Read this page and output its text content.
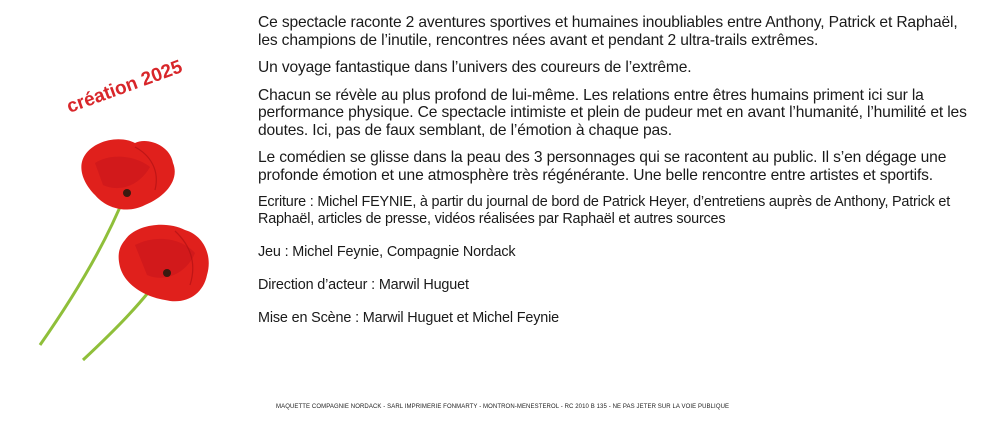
création 2025

Ce spectacle raconte 2 aventures sportives et humaines inoubliables entre Anthony, Patrick et Raphaël, les champions de l’inutile, rencontres nées avant et pendant 2 ultra-trails extrêmes.

Un voyage fantastique dans l’univers des coureurs de l’extrême.

Chacun se révèle au plus profond de lui-même. Les relations entre êtres humains priment ici sur la performance physique. Ce spectacle intimiste et plein de pudeur met en avant l’humanité, l’humilité et les doutes. Ici, pas de faux semblant, de l’émotion à chaque pas.

Le comédien se glisse dans la peau des 3 personnages qui se racontent au public. Il s’en dégage une profonde émotion et une atmosphère très régénérante. Une belle rencontre entre artistes et sportifs.

Ecriture : Michel FEYNIE, à partir du journal de bord de Patrick Heyer, d’entretiens auprès de Anthony, Patrick et Raphaël, articles de presse, vidéos réalisées par Raphaël et autres sources

Jeu : Michel Feynie, Compagnie Nordack

Direction d’acteur : Marwil Huguet

Mise en Scène : Marwil Huguet et Michel Feynie

MAQUETTE COMPAGNIE NORDACK - SARL IMPRIMERIE FONMARTY - MONTRON-MENESTEROL - RC 2010 B 135 - NE PAS JETER SUR LA VOIE PUBLIQUE
